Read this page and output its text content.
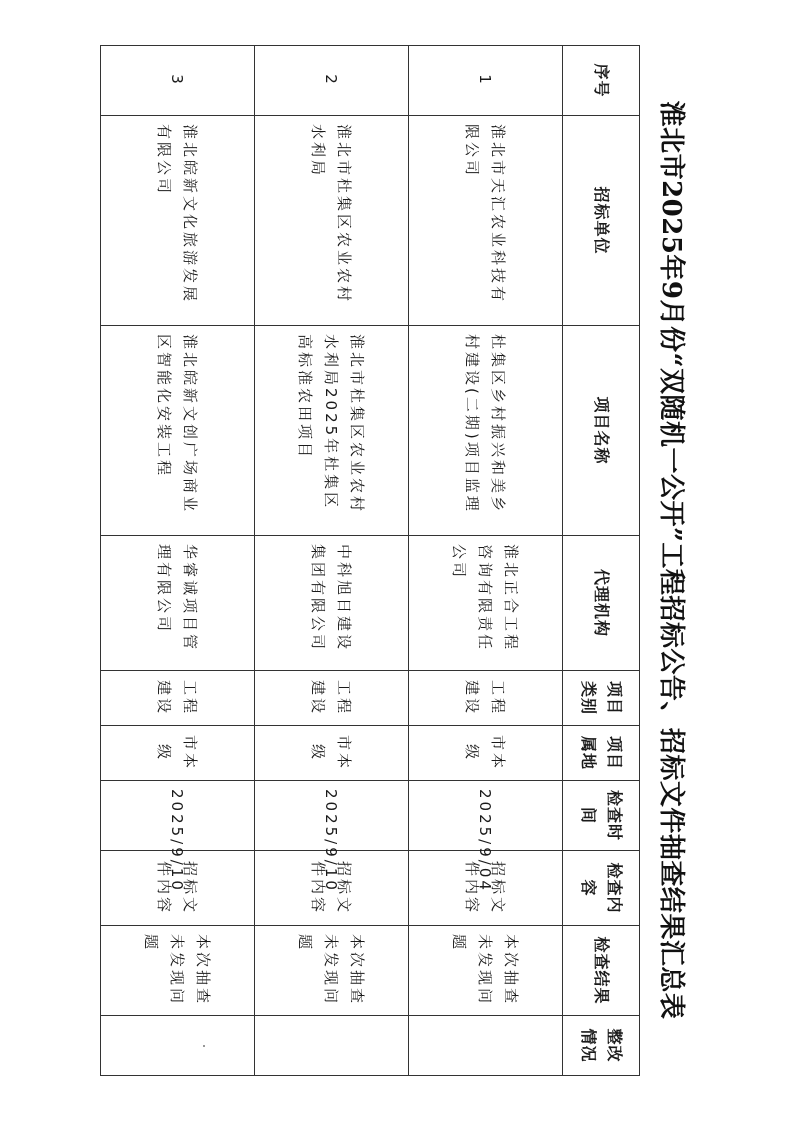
淮北市2025年9月份“双随机一公开”工程招标公告、招标文件抽查结果汇总表
序号	招标单位	项目名称	代理机构	项目类别	项目属地	检查时间	检查内容	检查结果	整改情况
1	淮北市天汇农业科技有限公司	杜集区乡村振兴和美乡村建设(二期)项目监理	淮北正合工程咨询有限责任公司	工程建设	市本级	2025/9/04	招标文件内容	本次抽查未发现问题	
2	淮北市杜集区农业农村水利局	淮北市杜集区农业农村水利局2025年杜集区高标准农田项目	中科旭日建设集团有限公司	工程建设	市本级	2025/9/10	招标文件内容	本次抽查未发现问题	
3	淮北皖新文化旅游发展有限公司	淮北皖新文创广场商业区智能化安装工程	华睿诚项目管理有限公司	工程建设	市本级	2025/9/10	招标文件内容	本次抽查未发现问题	
